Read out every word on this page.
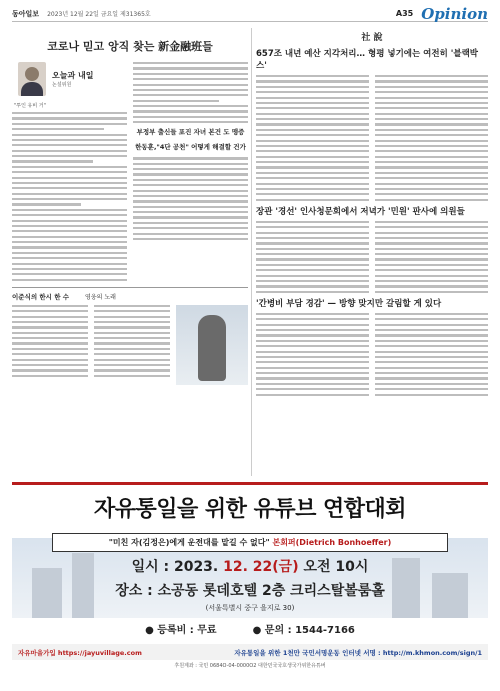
동아일보 2023년 12월 22일 금요일 제31365호	A35 Opinion
코로나 믿고 앙직 찾는 新金融班들
오늘과 내일
논설위원
"투인 유비 거"
부정부 출신들 포진 자녀 본건 도 맹증
한동훈,"4단 공천" 어떻게 해결할 건가
이준식의 한시 한 수	영웅의 노래
社 說
657조 내년 예산 지각처리… 형평 넣기에는 여전히 '블랙박스'
장관 '경선' 인사청문회에서 저녁가 '민원' 판사에 의원들
'간병비 부담 경감' — 방향 맞지만 갈림할 게 있다
자유통일을 위한 유튜브 연합대회
"미친 자(김정은)에게 운전대를 맡길 수 없다" 본회퍼(Dietrich Bonhoeffer)
일시 : 2023. 12. 22(금) 오전 10시
장소 : 소공동 롯데호텔 2층 크리스탈볼룸홀
(서울특별시 중구 을지로 30)
● 등록비 : 무료	● 문의 : 1544-7166
자유마을가입 https://jayuvillage.com	자유통일을 위한 1천만 국민서명운동 인터넷 서명 : http://m.khmon.com/sign/1
후원계좌 : 국민 0684O-04-0000O2 대한민국국호생국가위한유튜버
